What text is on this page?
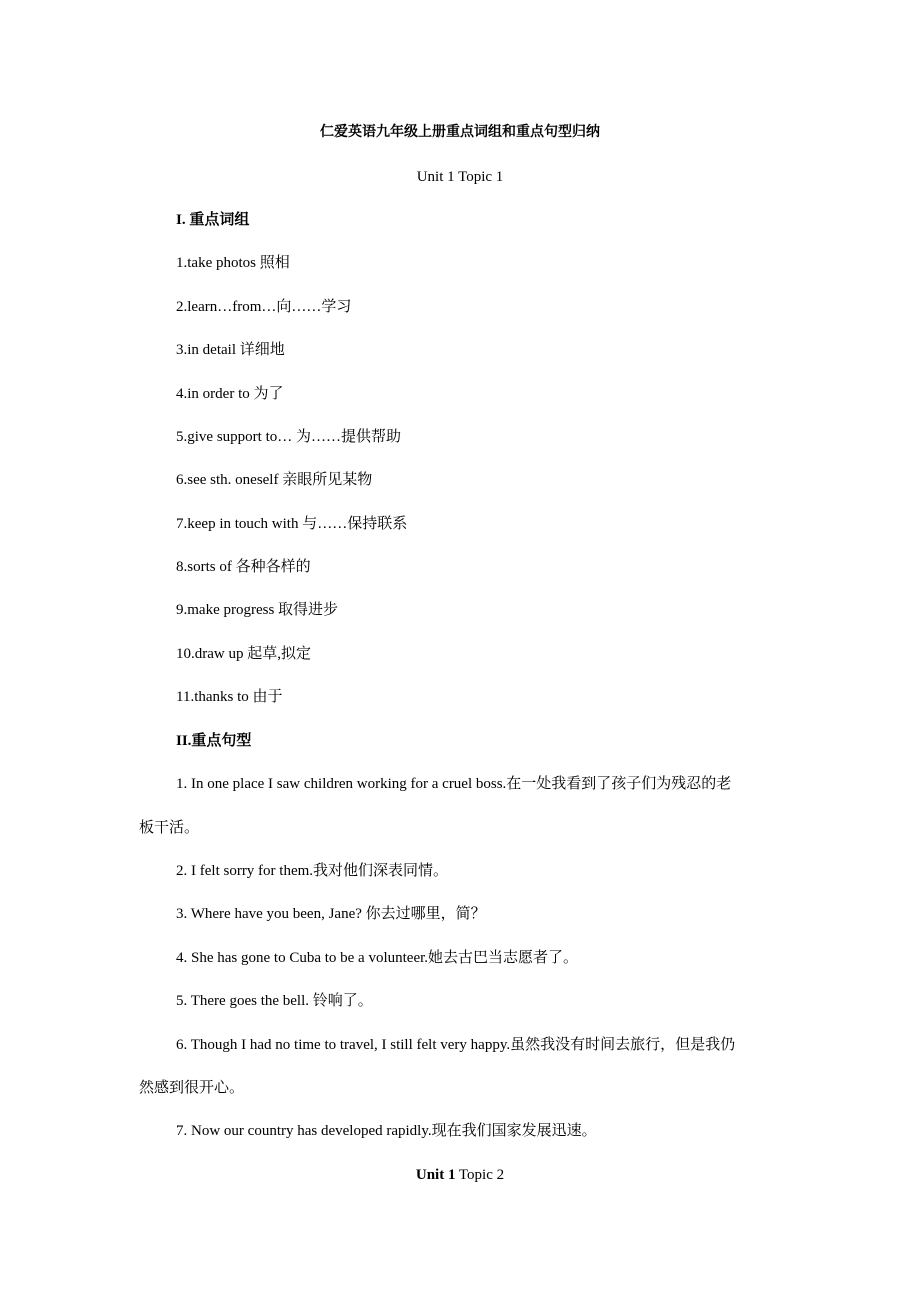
仁爱英语九年级上册重点词组和重点句型归纳
Unit 1 Topic 1
I. 重点词组
1.take photos 照相
2.learn…from…向……学习
3.in detail 详细地
4.in order to 为了
5.give support to… 为……提供帮助
6.see sth. oneself 亲眼所见某物
7.keep in touch with 与……保持联系
8.sorts of 各种各样的
9.make progress 取得进步
10.draw up 起草,拟定
11.thanks to 由于
II.重点句型
1. In one place I saw children working for a cruel boss.在一处我看到了孩子们为残忍的老
板干活。
2. I felt sorry for them.我对他们深表同情。
3. Where have you been, Jane? 你去过哪里，简？
4. She has gone to Cuba to be a volunteer.她去古巴当志愿者了。
5. There goes the bell. 铃响了。
6. Though I had no time to travel, I still felt very happy.虽然我没有时间去旅行，但是我仍
然感到很开心。
7. Now our country has developed rapidly.现在我们国家发展迅速。
Unit 1 Topic 2
